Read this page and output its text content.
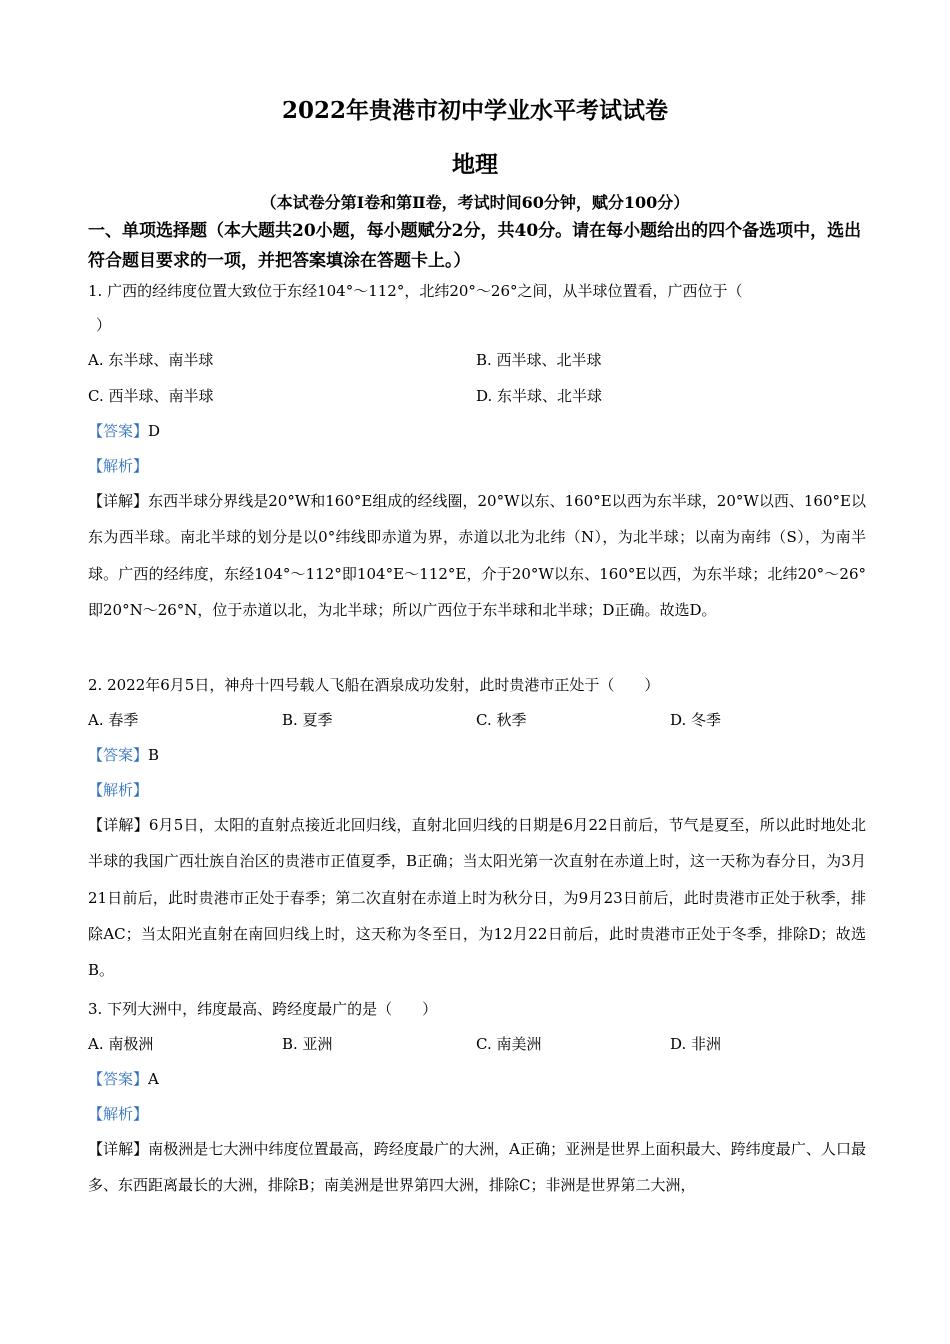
2022年贵港市初中学业水平考试试卷
地理
（本试卷分第Ⅰ卷和第Ⅱ卷，考试时间60分钟，赋分100分）
一、单项选择题（本大题共20小题，每小题赋分2分，共40分。请在每小题给出的四个备选项中，选出符合题目要求的一项，并把答案填涂在答题卡上。）
1. 广西的经纬度位置大致位于东经104°～112°，北纬20°～26°之间，从半球位置看，广西位于（
）
A. 东半球、南半球	B. 西半球、北半球
C. 西半球、南半球	D. 东半球、北半球
【答案】D
【解析】
【详解】东西半球分界线是20°W和160°E组成的经线圈，20°W以东、160°E以西为东半球，20°W以西、160°E以东为西半球。南北半球的划分是以0°纬线即赤道为界，赤道以北为北纬（N），为北半球；以南为南纬（S），为南半球。广西的经纬度，东经104°～112°即104°E～112°E，介于20°W以东、160°E以西，为东半球；北纬20°～26°即20°N～26°N，位于赤道以北，为北半球；所以广西位于东半球和北半球；D正确。故选D。
2. 2022年6月5日，神舟十四号载人飞船在酒泉成功发射，此时贵港市正处于（　　）
A. 春季	B. 夏季	C. 秋季	D. 冬季
【答案】B
【解析】
【详解】6月5日，太阳的直射点接近北回归线，直射北回归线的日期是6月22日前后，节气是夏至，所以此时地处北半球的我国广西壮族自治区的贵港市正值夏季，B正确；当太阳光第一次直射在赤道上时，这一天称为春分日，为3月21日前后，此时贵港市正处于春季；第二次直射在赤道上时为秋分日，为9月23日前后，此时贵港市正处于秋季，排除AC；当太阳光直射在南回归线上时，这天称为冬至日，为12月22日前后，此时贵港市正处于冬季，排除D；故选B。
3. 下列大洲中，纬度最高、跨经度最广的是（　　）
A. 南极洲	B. 亚洲	C. 南美洲	D. 非洲
【答案】A
【解析】
【详解】南极洲是七大洲中纬度位置最高，跨经度最广的大洲，A正确；亚洲是世界上面积最大、跨纬度最广、人口最多、东西距离最长的大洲，排除B；南美洲是世界第四大洲，排除C；非洲是世界第二大洲，
